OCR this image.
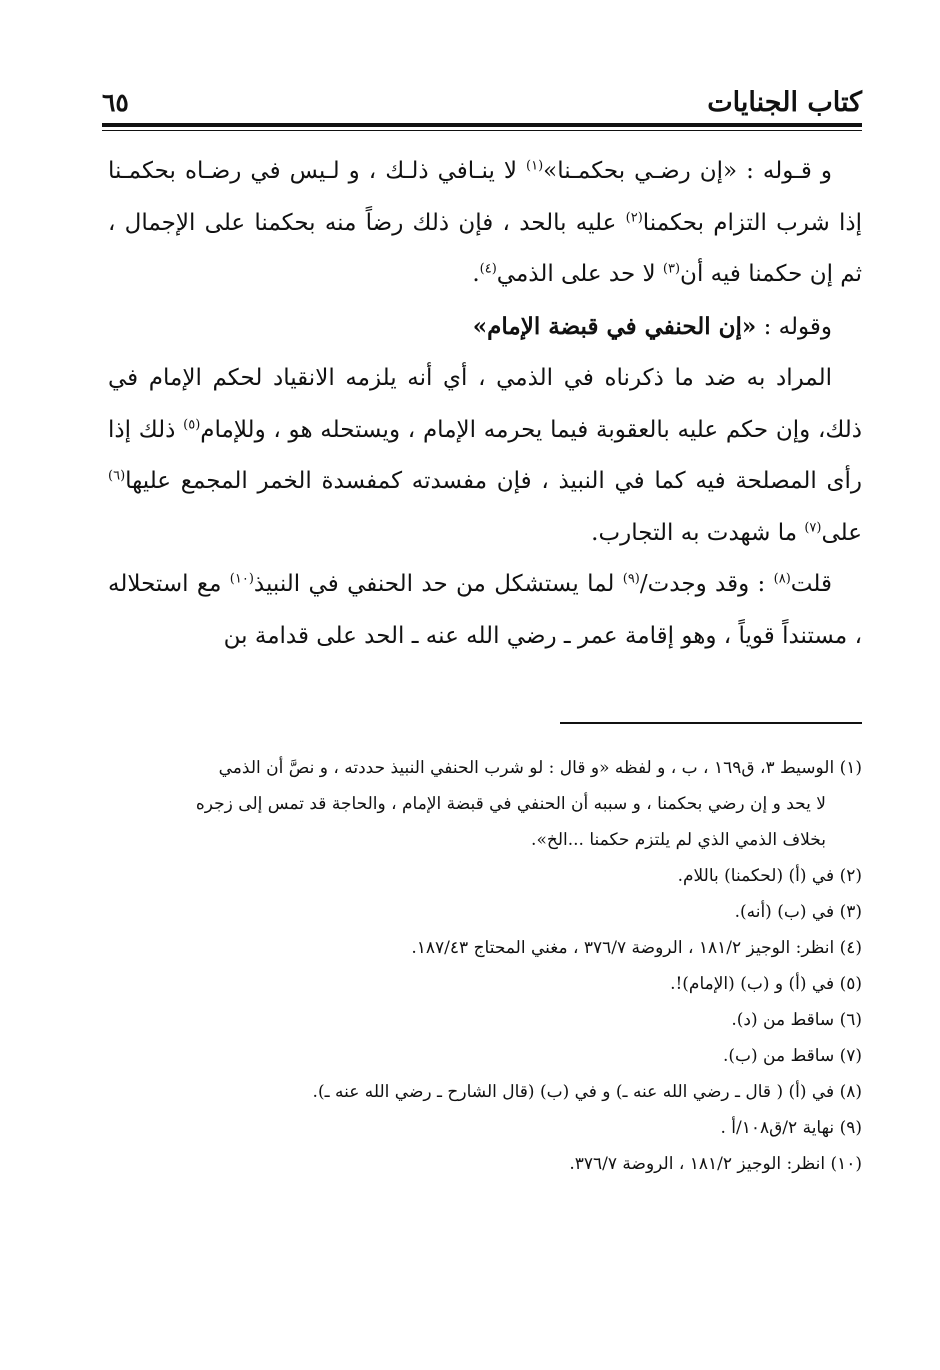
كتاب الجنايات
٦٥

و قـوله : «إن رضـي بحكمـنا»$^{(١)}$ لا ينـافي ذلـك ، و لـيس في رضـاه بحكمـنا إذا شرب التزام بحكمنا$^{(٢)}$ عليه بالحد ، فإن ذلك رضاً منه بحكمنا على الإجمال ، ثم إن حكمنا فيه أن$^{(٣)}$ لا حد على الذمي$^{(٤)}$.

وقوله : «إن الحنفي في قبضة الإمام»

المراد به ضد ما ذكرناه في الذمي ، أي أنه يلزمه الانقياد لحكم الإمام في ذلك، وإن حكم عليه بالعقوبة فيما يحرمه الإمام ، ويستحله هو ، وللإمام$^{(٥)}$ ذلك إذا رأى المصلحة فيه كما في النبيذ ، فإن مفسدته كمفسدة الخمر المجمع عليها$^{(٦)}$ على$^{(٧)}$ ما شهدت به التجارب.

قلت$^{(٨)}$ : وقد وجدت/$^{(٩)}$ لما يستشكل من حد الحنفي في النبيذ$^{(١٠)}$ مع استحلاله ، مستنداً قوياً ، وهو إقامة عمر ـ رضي الله عنه ـ الحد على قدامة بن

(١) الوسيط ٣، ق١٦٩ ، ب ، و لفظه «و قال : لو شرب الحنفي النبيذ حددته ، و نصَّ أن الذمي

لا يحد و إن رضي بحكمنا ، و سببه أن الحنفي في قبضة الإمام ، والحاجة قد تمس إلى زجره

بخلاف الذمي الذي لم يلتزم حكمنا ...الخ».

(٢) في (أ) (لحكمنا) باللام.

(٣) في (ب) (أنه).

(٤) انظر: الوجيز ١٨١/٢ ، الروضة ٣٧٦/٧ ، مغني المحتاج ١٨٧/٤٣.

(٥) في (أ) و (ب) (الإمام)!.

(٦) ساقط من (د).

(٧) ساقط من (ب).

(٨) في (أ) ( قال ـ رضي الله عنه ـ) و في (ب) (قال الشارح ـ رضي الله عنه ـ).

(٩) نهاية ٢/ق١٠٨/أ .

(١٠) انظر: الوجيز ١٨١/٢ ، الروضة ٣٧٦/٧.
